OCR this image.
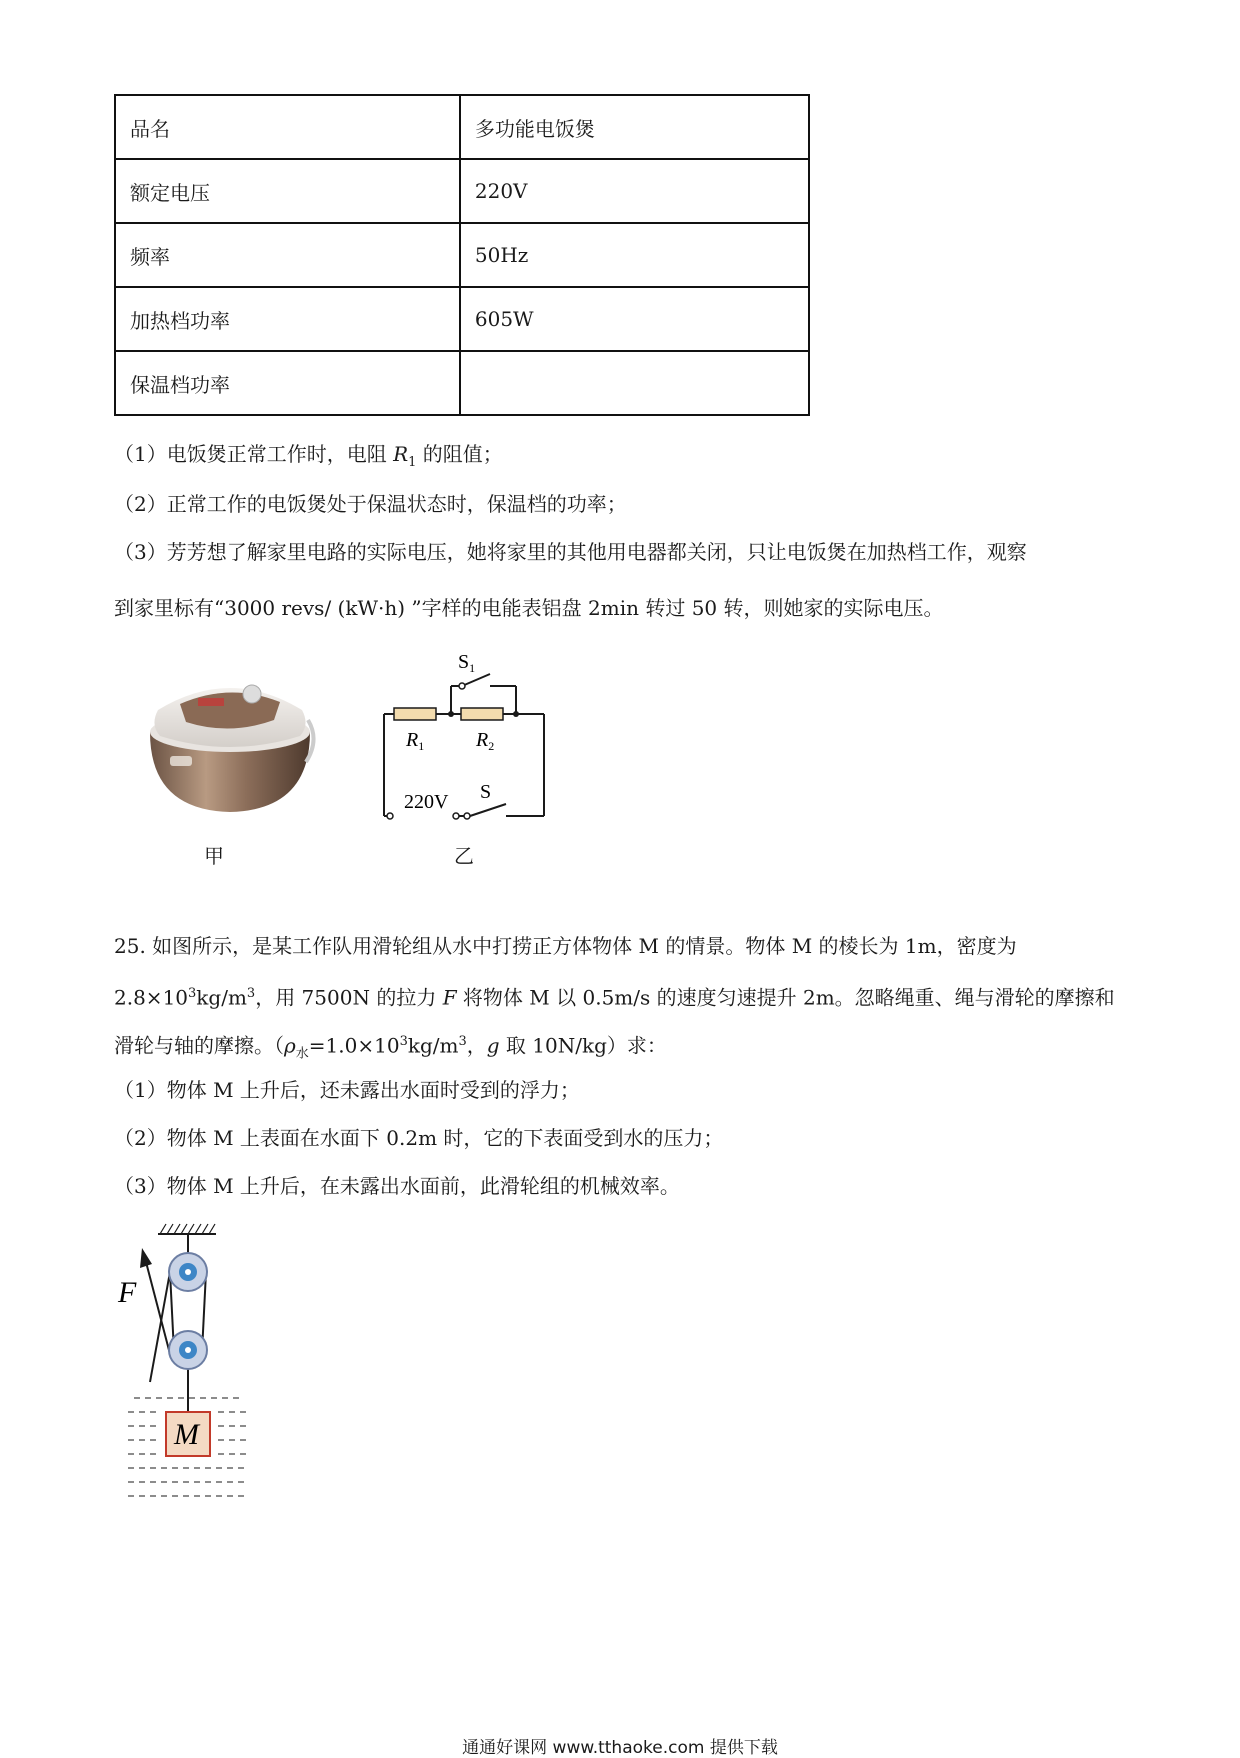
品名	多功能电饭煲
额定电压	220V
频率	50Hz
加热档功率	605W
保温档功率	
（1）电饭煲正常工作时，电阻 $R_1$ 的阻值；
（2）正常工作的电饭煲处于保温状态时，保温档的功率；
（3）芳芳想了解家里电路的实际电压，她将家里的其他用电器都关闭，只让电饭煲在加热档工作，观察
到家里标有“3000 revs/ (kW·h) ”字样的电能表铝盘 2min 转过 50 转，则她家的实际电压。
甲
$S_1$
$R_1$	$R_2$
220V S
乙
25. 如图所示，是某工作队用滑轮组从水中打捞正方体物体 M 的情景。物体 M 的棱长为 1m，密度为
$2.8\times 10^3kg/m^3$，用 7500N 的拉力 F 将物体 M 以 0.5m/s 的速度匀速提升 2m。忽略绳重、绳与滑轮的摩擦和
滑轮与轴的摩擦。（$\rho_水=1.0\times 10^3kg/m^3$，g 取 10N/kg）求：
（1）物体 M 上升后，还未露出水面时受到的浮力；
（2）物体 M 上表面在水面下 0.2m 时，它的下表面受到水的压力；
（3）物体 M 上升后，在未露出水面前，此滑轮组的机械效率。
F
M
通通好课网 www.tthaoke.com 提供下载
